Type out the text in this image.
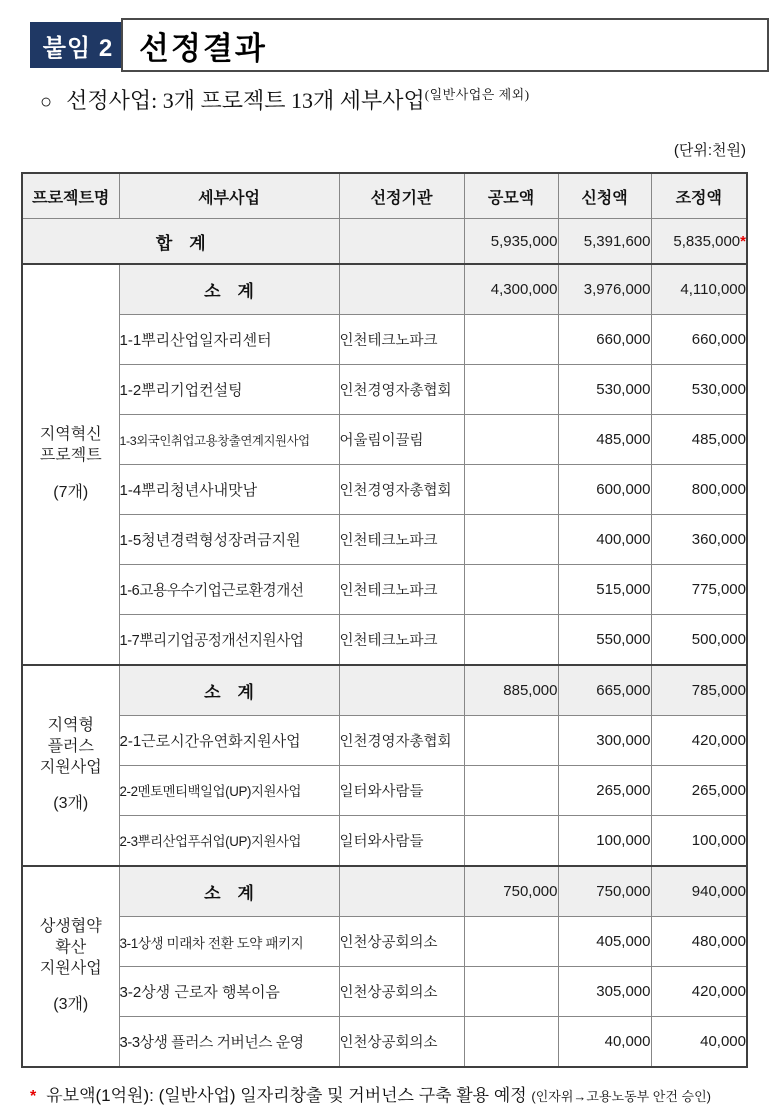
붙임 2 선정결과
○ 선정사업: 3개 프로젝트 13개 세부사업$^{(일반사업은 제외)}$
(단위:천원)
프로젝트명	세부사업	선정기관	공모액	신청액	조정액
합　계			5,935,000	5,391,600	5,835,000*

지역혁신
프로젝트
(7개)	소　계		4,300,000	3,976,000	4,110,000
	1-1뿌리산업일자리센터	인천테크노파크		660,000	660,000
	1-2뿌리기업컨설팅	인천경영자총협회		530,000	530,000
	1-3외국인취업고용창출연계지원사업	어울림이끌림		485,000	485,000
	1-4뿌리청년사내맛남	인천경영자총협회		600,000	800,000
	1-5청년경력형성장려금지원	인천테크노파크		400,000	360,000
	1-6고용우수기업근로환경개선	인천테크노파크		515,000	775,000
	1-7뿌리기업공정개선지원사업	인천테크노파크		550,000	500,000

지역형
플러스
지원사업
(3개)	소　계		885,000	665,000	785,000
	2-1근로시간유연화지원사업	인천경영자총협회		300,000	420,000
	2-2멘토멘티백일업(UP)지원사업	일터와사람들		265,000	265,000
	2-3뿌리산업푸쉬업(UP)지원사업	일터와사람들		100,000	100,000

상생협약
확산
지원사업
(3개)	소　계		750,000	750,000	940,000
	3-1상생 미래차 전환 도약 패키지	인천상공회의소		405,000	480,000
	3-2상생 근로자 행복이음	인천상공회의소		305,000	420,000
	3-3상생 플러스 거버넌스 운영	인천상공회의소		40,000	40,000
* 유보액(1억원): (일반사업) 일자리창출 및 거버넌스 구축 활용 예정 (인자위→고용노동부 안건 승인)
